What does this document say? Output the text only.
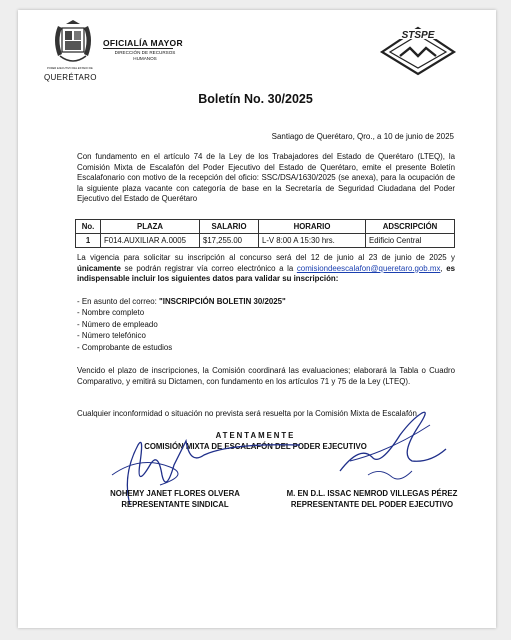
PODER EJECUTIVO DEL ESTADO DE
QUERÉTARO
OFICIALÍA MAYOR
DIRECCIÓN DE RECURSOS
HUMANOS
STSPE
Boletín No. 30/2025
Santiago de Querétaro, Qro., a 10 de junio de 2025
Con fundamento en el artículo 74 de la Ley de los Trabajadores del Estado de Querétaro (LTEQ), la Comisión Mixta de Escalafón del Poder Ejecutivo del Estado de Querétaro, emite el presente Boletín Escalafonario con motivo de la recepción del oficio: SSC/DSA/1630/2025 (se anexa), para la ocupación de la siguiente plaza vacante con categoría de base en la Secretaría de Seguridad Ciudadana del Poder Ejecutivo del Estado de Querétaro
No.	PLAZA	SALARIO	HORARIO	ADSCRIPCIÓN
1	F014.AUXILIAR A.0005	$17,255.00	L-V 8:00 A 15:30 hrs.	Edificio Central
La vigencia para solicitar su inscripción al concurso será del 12 de junio al 23 de junio de 2025 y únicamente se podrán registrar vía correo electrónico a la comisiondeescalafon@queretaro.gob.mx, es indispensable incluir los siguientes datos para validar su inscripción:
- En asunto del correo: "INSCRIPCIÓN BOLETIN 30/2025"
- Nombre completo
- Número de empleado
- Número telefónico
- Comprobante de estudios
Vencido el plazo de inscripciones, la Comisión coordinará las evaluaciones; elaborará la Tabla o Cuadro Comparativo, y emitirá su Dictamen, con fundamento en los artículos 71 y 75 de la Ley (LTEQ).
Cualquier inconformidad o situación no prevista será resuelta por la Comisión Mixta de Escalafón.
ATENTAMENTE
COMISIÓN MIXTA DE ESCALAFÓN DEL PODER EJECUTIVO
NOHEMY JANET FLORES OLVERA
REPRESENTANTE SINDICAL
M. EN D.L. ISSAC NEMROD VILLEGAS PÉREZ
REPRESENTANTE DEL PODER EJECUTIVO
